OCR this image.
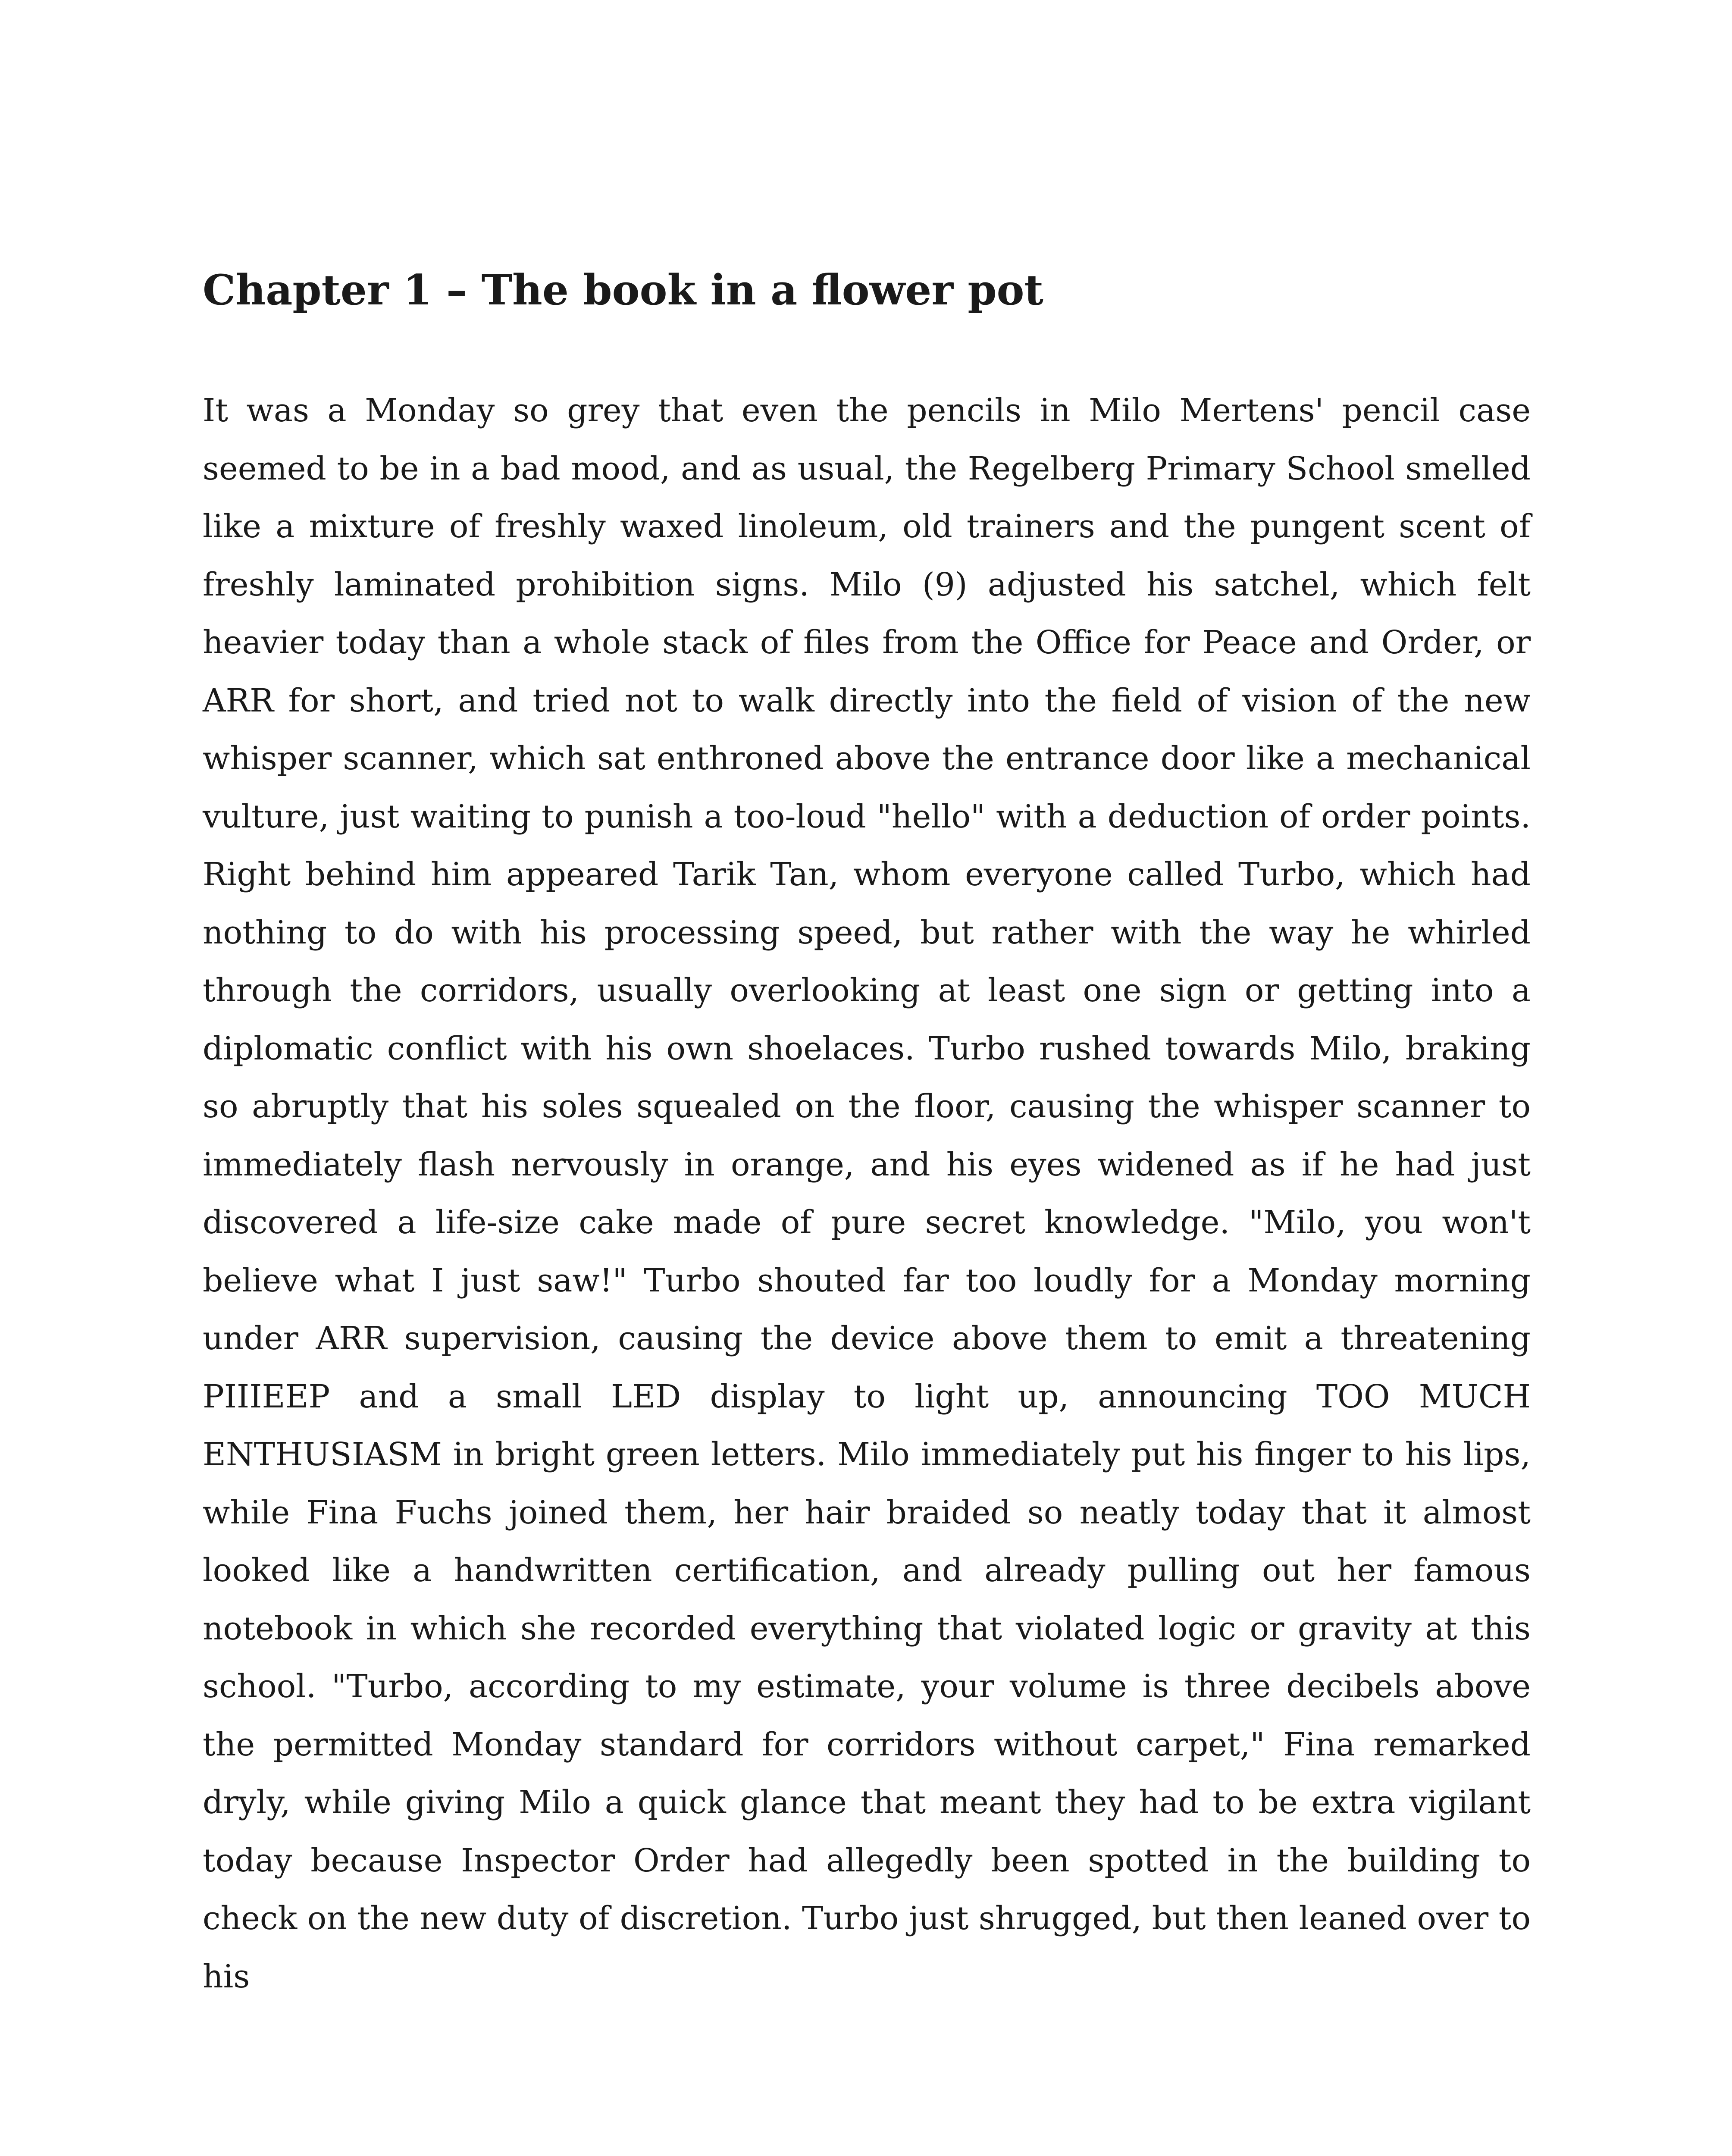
Chapter 1 – The book in a flower pot

It was a Monday so grey that even the pencils in Milo Mertens' pencil case seemed to be in a bad mood, and as usual, the Regelberg Primary School smelled like a mixture of freshly waxed linoleum, old trainers and the pungent scent of freshly laminated prohibition signs. Milo (9) adjusted his satchel, which felt heavier today than a whole stack of files from the Office for Peace and Order, or ARR for short, and tried not to walk directly into the field of vision of the new whisper scanner, which sat enthroned above the entrance door like a mechanical vulture, just waiting to punish a too-loud "hello" with a deduction of order points. Right behind him appeared Tarik Tan, whom everyone called Turbo, which had nothing to do with his processing speed, but rather with the way he whirled through the corridors, usually overlooking at least one sign or getting into a diplomatic conflict with his own shoelaces. Turbo rushed towards Milo, braking so abruptly that his soles squealed on the floor, causing the whisper scanner to immediately flash nervously in orange, and his eyes widened as if he had just discovered a life-size cake made of pure secret knowledge. "Milo, you won't believe what I just saw!" Turbo shouted far too loudly for a Monday morning under ARR supervision, causing the device above them to emit a threatening PIIIEEP and a small LED display to light up, announcing TOO MUCH ENTHUSIASM in bright green letters. Milo immediately put his finger to his lips, while Fina Fuchs joined them, her hair braided so neatly today that it almost looked like a handwritten certification, and already pulling out her famous notebook in which she recorded everything that violated logic or gravity at this school. "Turbo, according to my estimate, your volume is three decibels above the permitted Monday standard for corridors without carpet," Fina remarked dryly, while giving Milo a quick glance that meant they had to be extra vigilant today because Inspector Order had allegedly been spotted in the building to check on the new duty of discretion. Turbo just shrugged, but then leaned over to his
